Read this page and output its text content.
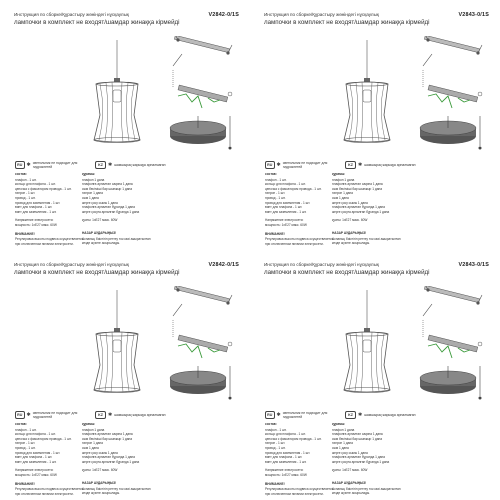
Инструкция по сборке/Құрастыру жөніндегі нұсқаулық	V2842-0/1S
лампочки в комплект не входят/шамдар жинаққа кірмейді
RU ✱ светильник не подходит для гидроклетей	KZ	✱ шамшырақ жарыққа арналмаған
состав:
плафон - 1 шт.
кольцо для плафона - 1 шт.
цепочка с фиксатором провода - 1 шт.
патрон - 1 шт.
провод - 1 шт.
провод для заземления - 1 шт.
винт для плафона - 1 шт.
винт для заземления - 1 шт.
Напряжение электросети:
мощность: 1xE27 макс. 60W
ВНИМАНИЕ!
Регулировка высоты подвеса осуществляется
при отключенном питании электросети.
құрамы:
плафон 1 дана
плафонға арналған сақина 1 дана
сым бекіткіші бар шынжыр 1 дана
патрон 1 дана
сым 1 дана
жерге қосу сымы 1 дана
плафонға арналған бұранда 1 дана
жерге қосуға арналған бұранда 1 дана
қуаты: 1xE27 макс. 60W
НАЗАР АУДАРЫҢЫЗ!
Аспаның биіктігін реттеу ток көзі ажыратылған
кезде жүзеге асырылады.
Инструкция по сборке/Құрастыру жөніндегі нұсқаулық	V2843-0/1S
лампочки в комплект не входят/шамдар жинаққа кірмейді
RU ✱ светильник не подходит для гидроклетей	KZ	✱ шамшырақ жарыққа арналмаған
состав:
плафон - 1 шт.
кольцо для плафона - 1 шт.
цепочка с фиксатором провода - 1 шт.
патрон - 1 шт.
провод - 1 шт.
провод для заземления - 1 шт.
винт для плафона - 1 шт.
винт для заземления - 1 шт.
Напряжение электросети:
мощность: 1xE27 макс. 60W
ВНИМАНИЕ!
Регулировка высоты подвеса осуществляется
при отключенном питании электросети.
құрамы:
плафон 1 дана
плафонға арналған сақина 1 дана
сым бекіткіші бар шынжыр 1 дана
патрон 1 дана
сым 1 дана
жерге қосу сымы 1 дана
плафонға арналған бұранда 1 дана
жерге қосуға арналған бұранда 1 дана
қуаты: 1xE27 макс. 60W
НАЗАР АУДАРЫҢЫЗ!
Аспаның биіктігін реттеу ток көзі ажыратылған
кезде жүзеге асырылады.
Инструкция по сборке/Құрастыру жөніндегі нұсқаулық	V2842-0/1S
лампочки в комплект не входят/шамдар жинаққа кірмейді
RU ✱ светильник не подходит для гидроклетей	KZ	✱ шамшырақ жарыққа арналмаған
состав:
плафон - 1 шт.
кольцо для плафона - 1 шт.
цепочка с фиксатором провода - 1 шт.
патрон - 1 шт.
провод - 1 шт.
провод для заземления - 1 шт.
винт для плафона - 1 шт.
винт для заземления - 1 шт.
Напряжение электросети:
мощность: 1xE27 макс. 60W
ВНИМАНИЕ!
Регулировка высоты подвеса осуществляется
при отключенном питании электросети.
құрамы:
плафон 1 дана
плафонға арналған сақина 1 дана
сым бекіткіші бар шынжыр 1 дана
патрон 1 дана
сым 1 дана
жерге қосу сымы 1 дана
плафонға арналған бұранда 1 дана
жерге қосуға арналған бұранда 1 дана
қуаты: 1xE27 макс. 60W
НАЗАР АУДАРЫҢЫЗ!
Аспаның биіктігін реттеу ток көзі ажыратылған
кезде жүзеге асырылады.
Инструкция по сборке/Құрастыру жөніндегі нұсқаулық	V2843-0/1S
лампочки в комплект не входят/шамдар жинаққа кірмейді
RU ✱ светильник не подходит для гидроклетей	KZ	✱ шамшырақ жарыққа арналмаған
состав:
плафон - 1 шт.
кольцо для плафона - 1 шт.
цепочка с фиксатором провода - 1 шт.
патрон - 1 шт.
провод - 1 шт.
провод для заземления - 1 шт.
винт для плафона - 1 шт.
винт для заземления - 1 шт.
Напряжение электросети:
мощность: 1xE27 макс. 60W
ВНИМАНИЕ!
Регулировка высоты подвеса осуществляется
при отключенном питании электросети.
құрамы:
плафон 1 дана
плафонға арналған сақина 1 дана
сым бекіткіші бар шынжыр 1 дана
патрон 1 дана
сым 1 дана
жерге қосу сымы 1 дана
плафонға арналған бұранда 1 дана
жерге қосуға арналған бұранда 1 дана
қуаты: 1xE27 макс. 60W
НАЗАР АУДАРЫҢЫЗ!
Аспаның биіктігін реттеу ток көзі ажыратылған
кезде жүзеге асырылады.
